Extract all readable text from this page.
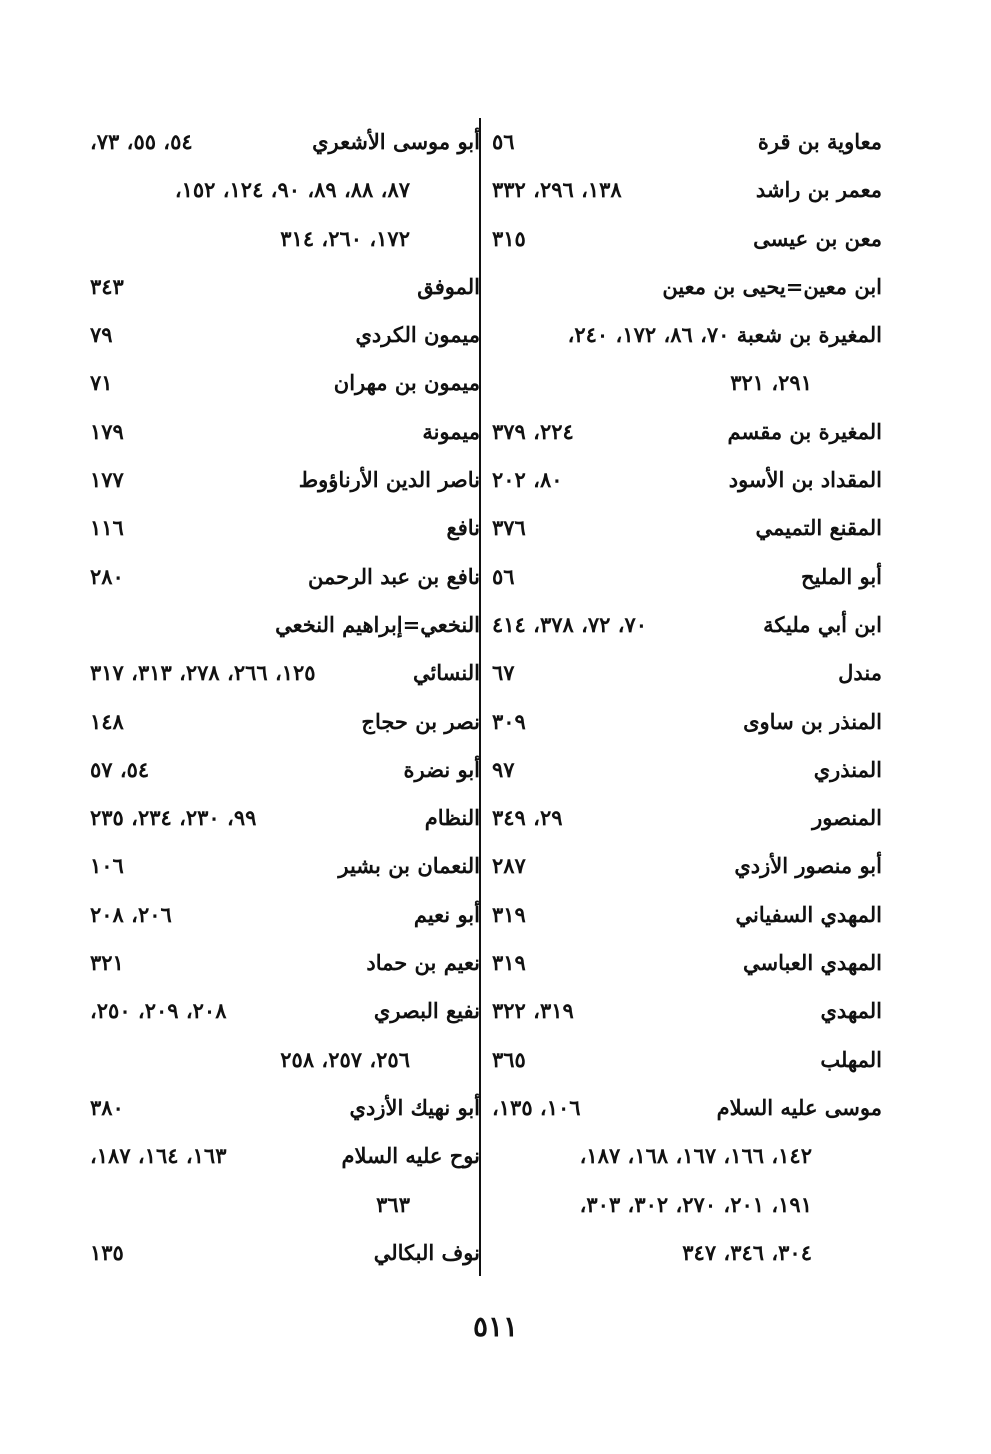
معاوية بن قرة
٥٦
معمر بن راشد
١٣٨، ٢٩٦، ٣٣٢
معن بن عيسى
٣١٥
ابن معين=يحيى بن معين
المغيرة بن شعبة ٧٠، ٨٦، ١٧٢، ٢٤٠،
٢٩١، ٣٢١
المغيرة بن مقسم
٢٢٤، ٣٧٩
المقداد بن الأسود
٨٠، ٢٠٢
المقنع التميمي
٣٧٦
أبو المليح
٥٦
ابن أبي مليكة
٧٠، ٧٢، ٣٧٨، ٤١٤
مندل
٦٧
المنذر بن ساوى
٣٠٩
المنذري
٩٧
المنصور
٢٩، ٣٤٩
أبو منصور الأزدي
٢٨٧
المهدي السفياني
٣١٩
المهدي العباسي
٣١٩
المهدي
٣١٩، ٣٢٢
المهلب
٣٦٥
موسى عليه السلام
١٠٦، ١٣٥،
١٤٢، ١٦٦، ١٦٧، ١٦٨، ١٨٧،
١٩١، ٢٠١، ٢٧٠، ٣٠٢، ٣٠٣،
٣٠٤، ٣٤٦، ٣٤٧
أبو موسى الأشعري
٥٤، ٥٥، ٧٣،
٨٧، ٨٨، ٨٩، ٩٠، ١٢٤، ١٥٢،
١٧٢، ٢٦٠، ٣١٤
الموفق
٣٤٣
ميمون الكردي
٧٩
ميمون بن مهران
٧١
ميمونة
١٧٩
ناصر الدين الأرناؤوط
١٧٧
نافع
١١٦
نافع بن عبد الرحمن
٢٨٠
النخعي=إبراهيم النخعي
النسائي
١٢٥، ٢٦٦، ٢٧٨، ٣١٣، ٣١٧
نصر بن حجاج
١٤٨
أبو نضرة
٥٤، ٥٧
النظام
٩٩، ٢٣٠، ٢٣٤، ٢٣٥
النعمان بن بشير
١٠٦
أبو نعيم
٢٠٦، ٢٠٨
نعيم بن حماد
٣٢١
نفيع البصري
٢٠٨، ٢٠٩، ٢٥٠،
٢٥٦، ٢٥٧، ٢٥٨
أبو نهيك الأزدي
٣٨٠
نوح عليه السلام
١٦٣، ١٦٤، ١٨٧،
٣٦٣
نوف البكالي
١٣٥
٥١١
